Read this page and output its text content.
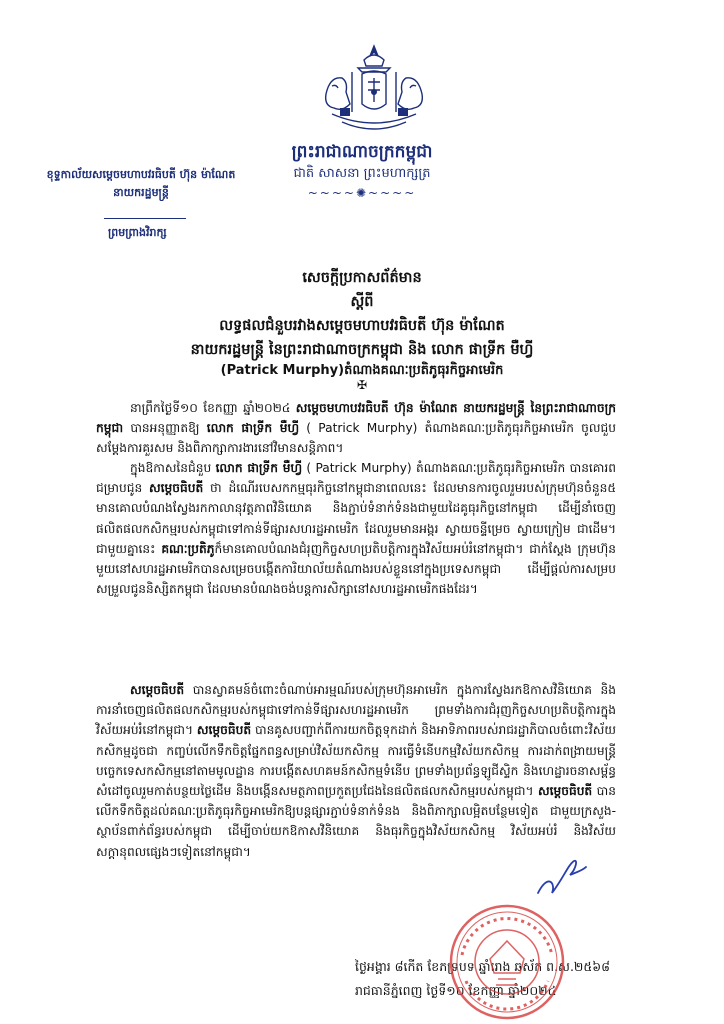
ព្រះរាជាណាចក្រកម្ពុជា
ជាតិ សាសនា ព្រះមហាក្សត្រ
~~~~✺~~~~
ខុទ្ទកាល័យសម្តេចមហាបវរធិបតី ហ៊ុន ម៉ាណែត
នាយករដ្ឋមន្ត្រី
ព្រមព្រាងវិរាក្ស
សេចក្តីប្រកាសព័ត៌មាន
ស្តីពី
លទ្ធផលជំនួបរវាងសម្តេចមហាបវរធិបតី ហ៊ុន ម៉ាណែត
នាយករដ្ឋមន្ត្រី នៃព្រះរាជាណាចក្រកម្ពុជា និង លោក ផាទ្រីក មឺហ្វី
(Patrick Murphy)តំណាងគណៈប្រតិភូធុរកិច្ចអាមេរិក
✠

នាព្រឹកថ្ងៃទី១០ ខែកញ្ញា ឆ្នាំ២០២៤ សម្តេចមហាបវរធិបតី ហ៊ុន ម៉ាណែត នាយករដ្ឋមន្ត្រី នៃព្រះរាជាណាចក្រកម្ពុជា បានអនុញ្ញាតឱ្យ លោក ផាទ្រីក មឺហ្វី ( Patrick Murphy) តំណាងគណៈប្រតិភូធុរកិច្ចអាមេរិក ចូលជួបសម្តែងការគួរសម និងពិភាក្សាការងារនៅវិមានសន្តិភាព។

ក្នុងឱកាសនៃជំនួប លោក ផាទ្រីក មឺហ្វី ( Patrick Murphy) តំណាងគណៈប្រតិភូធុរកិច្ចអាមេរិក បានគោរពជម្រាបជូន សម្តេចធិបតី ថា ដំណើរបេសកកម្មធុរកិច្ចនៅកម្ពុជានាពេលនេះ ដែលមានការចូលរួមរបស់ក្រុមហ៊ុនចំនួន៥ មានគោលបំណងស្វែងរកកាលានុវត្តភាពវិនិយោគ និងភ្ជាប់ទំនាក់ទំនងជាមួយដៃគូធុរកិច្ចនៅកម្ពុជា ដើម្បីនាំចេញផលិតផលកសិកម្មរបស់កម្ពុជាទៅកាន់ទីផ្សារសហរដ្ឋអាមេរិក ដែលរួមមានអង្ករ ស្វាយចន្ទីម្រេច ស្វាយក្រៀម ជាដើម។ ជាមួយគ្នានេះ គណៈប្រតិភូក៏មានគោលបំណងជំរុញកិច្ចសហប្រតិបត្តិការក្នុងវិស័យអប់រំនៅកម្ពុជា។ ជាក់ស្តែង ក្រុមហ៊ុនមួយនៅសហរដ្ឋអាមេរិកបានសម្រេចបង្កើតការិយាល័យតំណាងរបស់ខ្លួននៅក្នុងប្រទេសកម្ពុជា ដើម្បីផ្តល់ការសម្របសម្រួលជូននិស្សិតកម្ពុជា ដែលមានបំណងចង់បន្តការសិក្សានៅសហរដ្ឋអាមេរិកផងដែរ។

សម្តេចធិបតី បានស្វាគមន៍ចំពោះចំណាប់អារម្មណ៍របស់ក្រុមហ៊ុនអាមេរិក ក្នុងការស្វែងរកឱកាសវិនិយោគ និងការនាំចេញផលិតផលកសិកម្មរបស់កម្ពុជាទៅកាន់ទីផ្សារសហរដ្ឋអាមេរិក ព្រមទាំងការជំរុញកិច្ចសហប្រតិបត្តិការក្នុងវិស័យអប់រំនៅកម្ពុជា។ សម្តេចធិបតី បានគូសបញ្ជាក់ពីការយកចិត្តទុកដាក់ និងអាទិភាពរបស់រាជរដ្ឋាភិបាលចំពោះវិស័យកសិកម្មដូចជា កញ្ចប់លើកទឹកចិត្តផ្នែកពន្ធសម្រាប់វិស័យកសិកម្ម ការធ្វើទំនើបកម្មវិស័យកសិកម្ម ការដាក់ពង្រាយមន្ត្រីបច្ចេកទេសកសិកម្មនៅតាមមូលដ្ឋាន ការបង្កើតសហគមន៍កសិកម្មទំនើប ព្រមទាំងប្រព័ន្ធឡូជីស្ទិក និងហេដ្ឋារចនាសម្ព័ន្ធ សំដៅចូលរួមកាត់បន្ថយថ្លៃដើម និងបង្កើនសមត្ថភាពប្រកួតប្រជែងនៃផលិតផលកសិកម្មរបស់កម្ពុជា។ សម្តេចធិបតី បានលើកទឹកចិត្តដល់គណៈប្រតិភូធុរកិច្ចអាមេរិកឱ្យបន្តផ្សារភ្ជាប់ទំនាក់ទំនង និងពិភាក្សាលម្អិតបន្ថែមទៀត ជាមួយក្រសួង-ស្ថាប័នពាក់ព័ន្ធរបស់កម្ពុជា ដើម្បីចាប់យកឱកាសវិនិយោគ និងធុរកិច្ចក្នុងវិស័យកសិកម្ម វិស័យអប់រំ និងវិស័យសក្តានុពលផ្សេងៗទៀតនៅកម្ពុជា។

ថ្ងៃអង្គារ ៨កើត ខែភទ្របទ ឆ្នាំរោង ឆស័ក ព.ស.២៥៦៨
រាជធានីភ្នំពេញ ថ្ងៃទី១០ ខែកញ្ញា ឆ្នាំ២០២៤
